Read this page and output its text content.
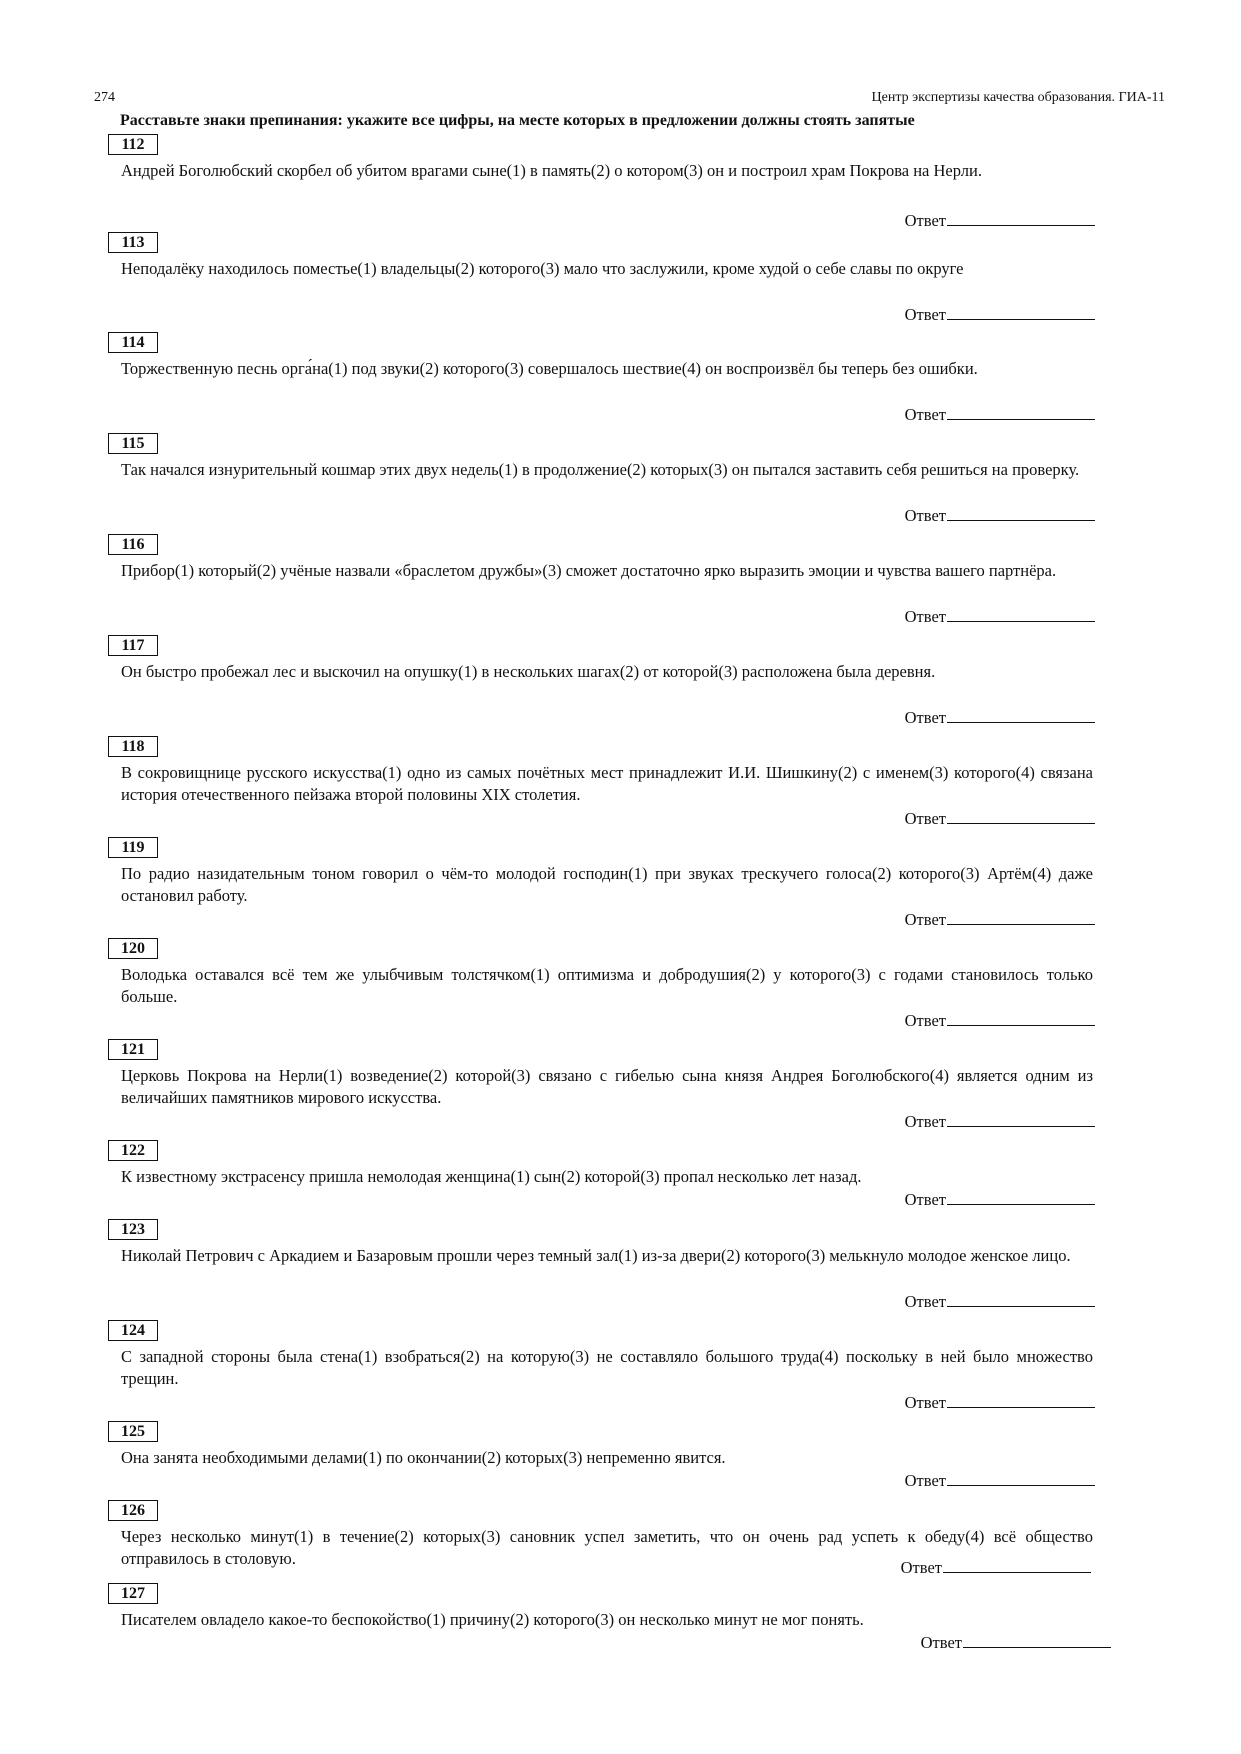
274	Центр экспертизы качества образования. ГИА-11
Расставьте знаки препинания: укажите все цифры, на месте которых в предложении должны стоять запятые
112
Андрей Боголюбский скорбел об убитом врагами сыне(1) в память(2) о котором(3) он и построил храм Покрова на Нерли.
Ответ
113
Неподалёку находилось поместье(1) владельцы(2) которого(3) мало что заслужили, кроме худой о себе славы по округе
Ответ
114
Торжественную песнь орга́на(1) под звуки(2) которого(3) совершалось шествие(4) он воспроизвёл бы теперь без ошибки.
Ответ
115
Так начался изнурительный кошмар этих двух недель(1) в продолжение(2) которых(3) он пытался заставить себя решиться на проверку.
Ответ
116
Прибор(1) который(2) учёные назвали «браслетом дружбы»(3) сможет достаточно ярко выразить эмоции и чувства вашего партнёра.
Ответ
117
Он быстро пробежал лес и выскочил на опушку(1) в нескольких шагах(2) от которой(3) расположена была деревня.
Ответ
118
В сокровищнице русского искусства(1) одно из самых почётных мест принадлежит И.И. Шишкину(2) с именем(3) которого(4) связана история отечественного пейзажа второй половины XIX столетия.
Ответ
119
По радио назидательным тоном говорил о чём-то молодой господин(1) при звуках трескучего голоса(2) которого(3) Артём(4) даже остановил работу.
Ответ
120
Володька оставался всё тем же улыбчивым толстячком(1) оптимизма и добродушия(2) у которого(3) с годами становилось только больше.
Ответ
121
Церковь Покрова на Нерли(1) возведение(2) которой(3) связано с гибелью сына князя Андрея Боголюбского(4) является одним из величайших памятников мирового искусства.
Ответ
122
К известному экстрасенсу пришла немолодая женщина(1) сын(2) которой(3) пропал несколько лет назад.
Ответ
123
Николай Петрович с Аркадием и Базаровым прошли через темный зал(1) из-за двери(2) которого(3) мелькнуло молодое женское лицо.
Ответ
124
С западной стороны была стена(1) взобраться(2) на которую(3) не составляло большого труда(4) поскольку в ней было множество трещин.
Ответ
125
Она занята необходимыми делами(1) по окончании(2) которых(3) непременно явится.
Ответ
126
Через несколько минут(1) в течение(2) которых(3) сановник успел заметить, что он очень рад успеть к обеду(4) всё общество отправилось в столовую.	Ответ
127
Писателем овладело какое-то беспокойство(1) причину(2) которого(3) он несколько минут не мог понять.
Ответ
